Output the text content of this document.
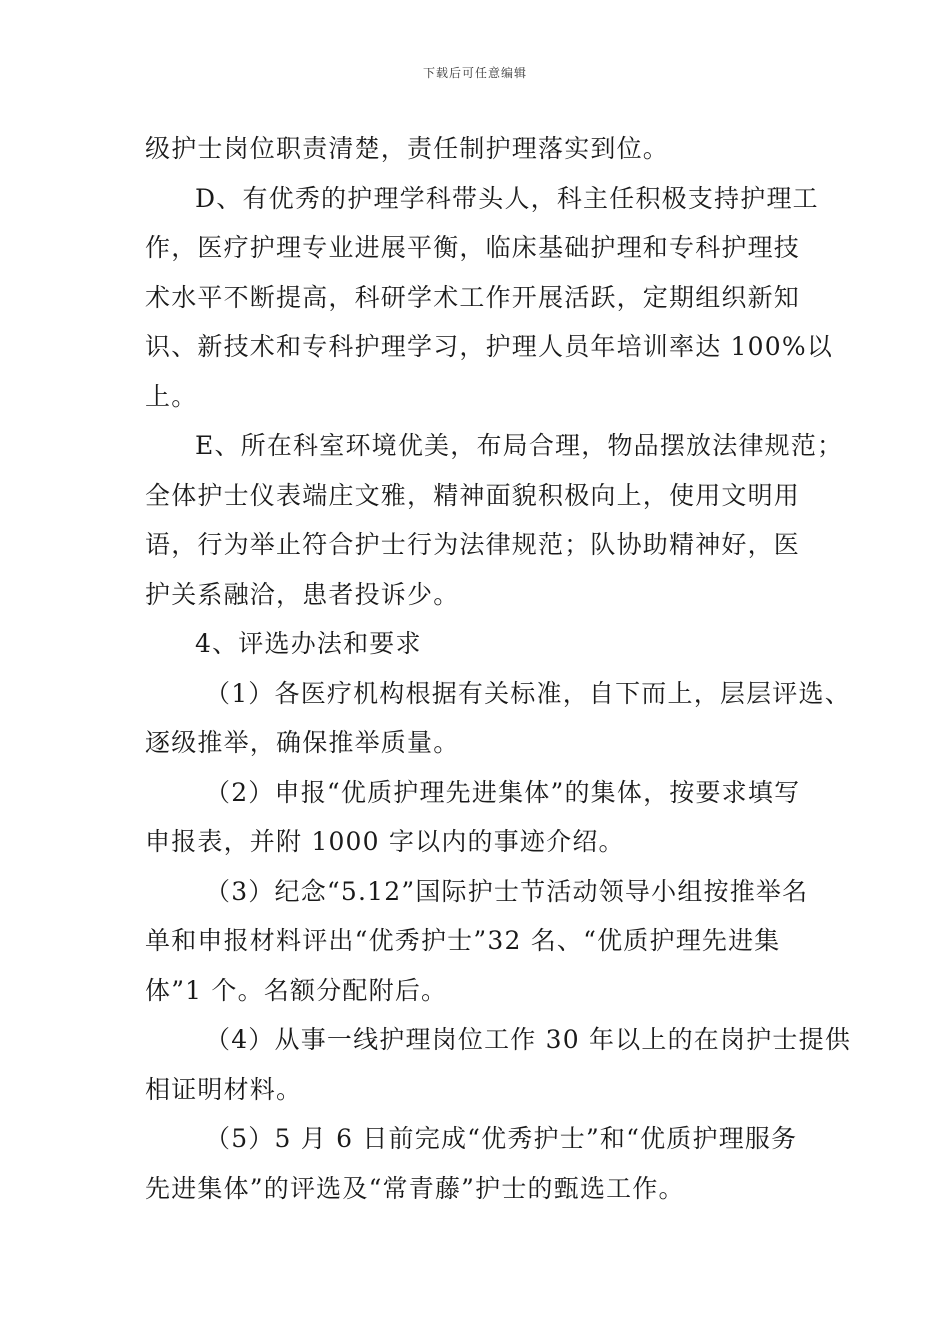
下载后可任意编辑
级护士岗位职责清楚，责任制护理落实到位。
D、有优秀的护理学科带头人，科主任积极支持护理工
作，医疗护理专业进展平衡，临床基础护理和专科护理技
术水平不断提高，科研学术工作开展活跃，定期组织新知
识、新技术和专科护理学习，护理人员年培训率达 100%以
上。
E、所在科室环境优美，布局合理，物品摆放法律规范；
全体护士仪表端庄文雅，精神面貌积极向上，使用文明用
语，行为举止符合护士行为法律规范；队协助精神好，医
护关系融洽，患者投诉少。
4、评选办法和要求
（1）各医疗机构根据有关标准，自下而上，层层评选、
逐级推举，确保推举质量。
（2）申报“优质护理先进集体”的集体，按要求填写
申报表，并附 1000 字以内的事迹介绍。
（3）纪念“5.12”国际护士节活动领导小组按推举名
单和申报材料评出“优秀护士”32 名、“优质护理先进集
体”1 个。名额分配附后。
（4）从事一线护理岗位工作 30 年以上的在岗护士提供
相证明材料。
（5）5 月 6 日前完成“优秀护士”和“优质护理服务
先进集体”的评选及“常青藤”护士的甄选工作。
